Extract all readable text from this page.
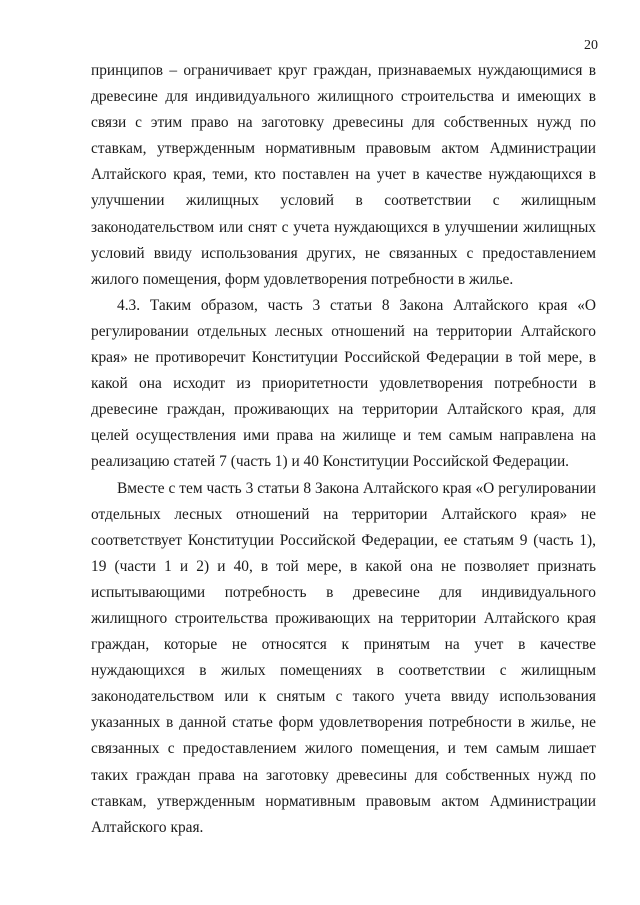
20

принципов – ограничивает круг граждан, признаваемых нуждающимися в древесине для индивидуального жилищного строительства и имеющих в связи с этим право на заготовку древесины для собственных нужд по ставкам, утвержденным нормативным правовым актом Администрации Алтайского края, теми, кто поставлен на учет в качестве нуждающихся в улучшении жилищных условий в соответствии с жилищным законодательством или снят с учета нуждающихся в улучшении жилищных условий ввиду использования других, не связанных с предоставлением жилого помещения, форм удовлетворения потребности в жилье.

4.3. Таким образом, часть 3 статьи 8 Закона Алтайского края «О регулировании отдельных лесных отношений на территории Алтайского края» не противоречит Конституции Российской Федерации в той мере, в какой она исходит из приоритетности удовлетворения потребности в древесине граждан, проживающих на территории Алтайского края, для целей осуществления ими права на жилище и тем самым направлена на реализацию статей 7 (часть 1) и 40 Конституции Российской Федерации.

Вместе с тем часть 3 статьи 8 Закона Алтайского края «О регулировании отдельных лесных отношений на территории Алтайского края» не соответствует Конституции Российской Федерации, ее статьям 9 (часть 1), 19 (части 1 и 2) и 40, в той мере, в какой она не позволяет признать испытывающими потребность в древесине для индивидуального жилищного строительства проживающих на территории Алтайского края граждан, которые не относятся к принятым на учет в качестве нуждающихся в жилых помещениях в соответствии с жилищным законодательством или к снятым с такого учета ввиду использования указанных в данной статье форм удовлетворения потребности в жилье, не связанных с предоставлением жилого помещения, и тем самым лишает таких граждан права на заготовку древесины для собственных нужд по ставкам, утвержденным нормативным правовым актом Администрации Алтайского края.
